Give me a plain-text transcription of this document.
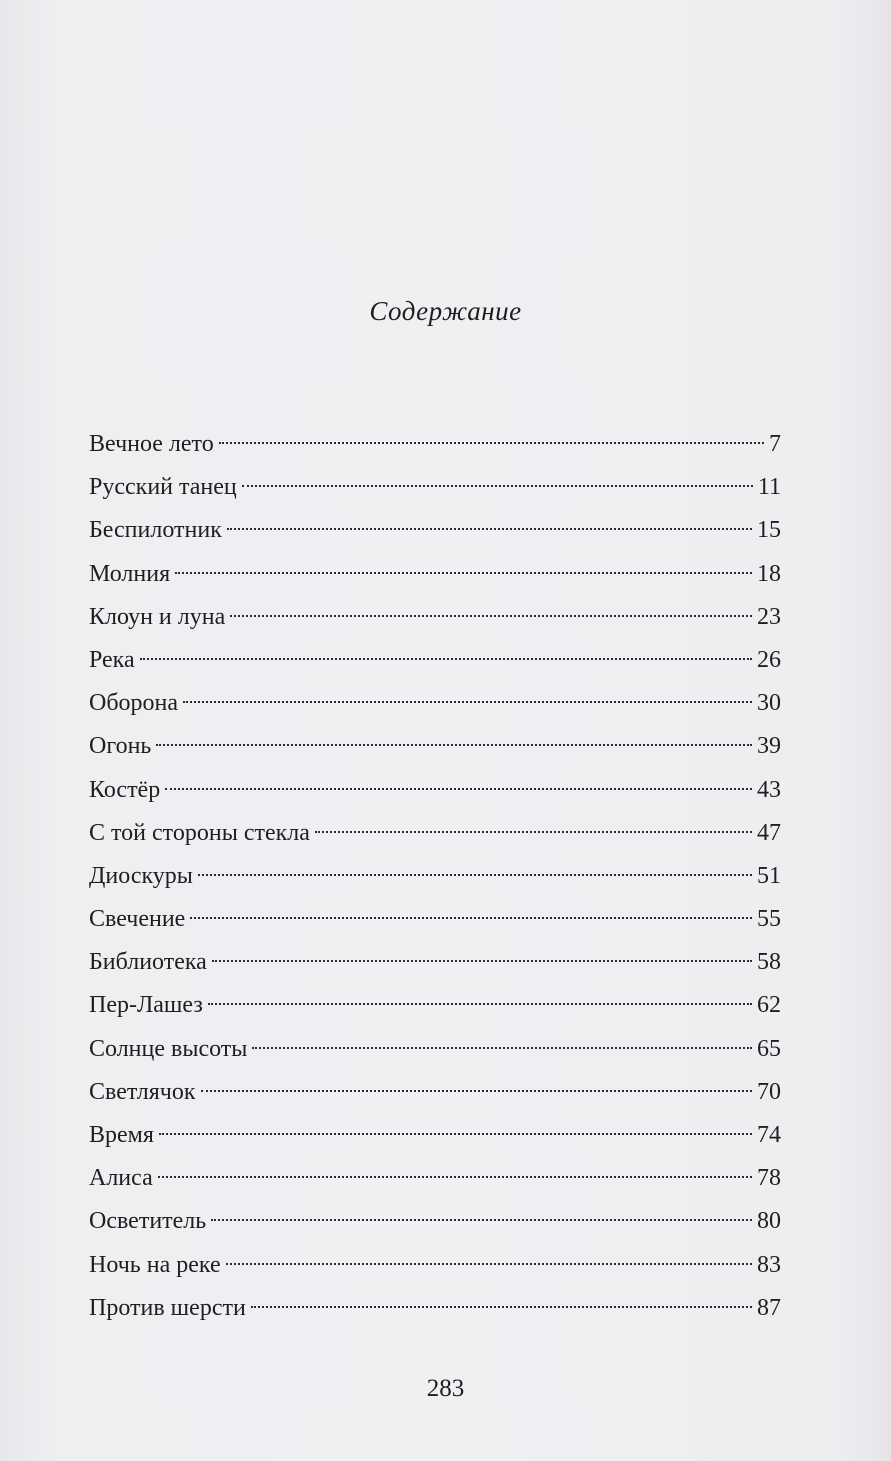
Содержание
Вечное лето	7
Русский танец	11
Беспилотник	15
Молния	18
Клоун и луна	23
Река	26
Оборона	30
Огонь	39
Костёр	43
С той стороны стекла	47
Диоскуры	51
Свечение	55
Библиотека	58
Пер-Лашез	62
Солнце высоты	65
Светлячок	70
Время	74
Алиса	78
Осветитель	80
Ночь на реке	83
Против шерсти	87
283
